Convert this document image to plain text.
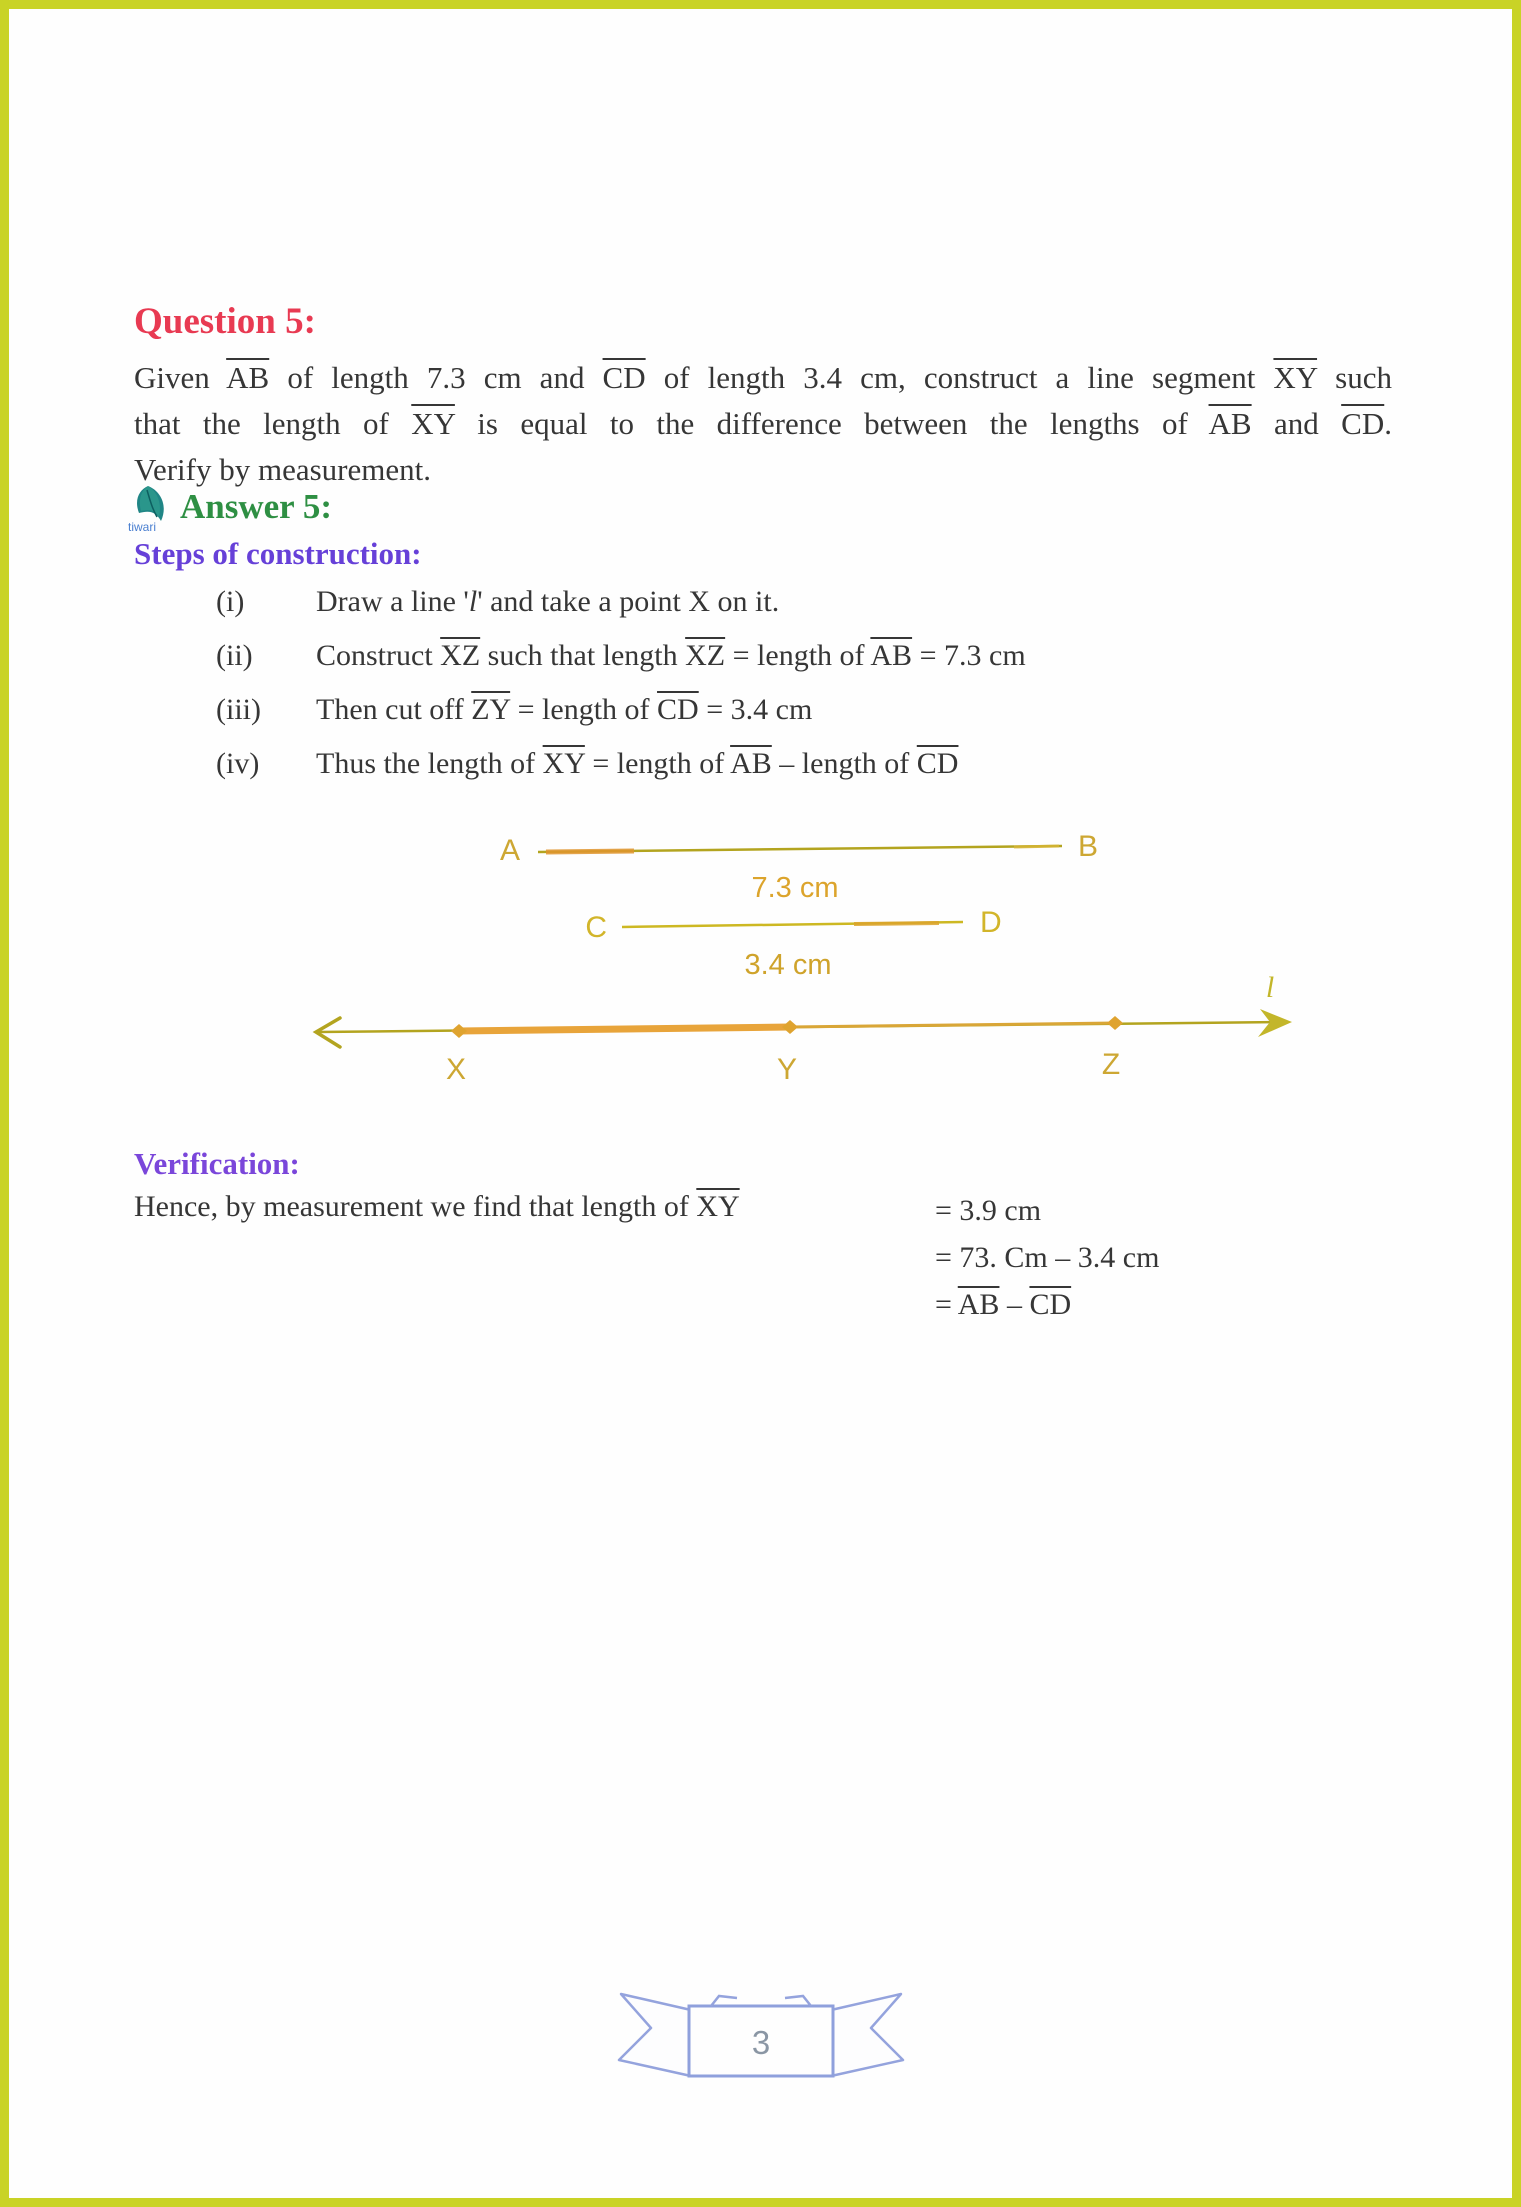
Question 5:
Given $\overline{AB}$ of length 7.3 cm and $\overline{CD}$ of length 3.4 cm, construct a line segment $\overline{XY}$ such
that the length of $\overline{XY}$ is equal to the difference between the lengths of $\overline{AB}$ and $\overline{CD}$.
Verify by measurement.
tiwari
Answer 5:
Steps of construction:
(i)	Draw a line 'l' and take a point X on it.
(ii)	Construct $\overline{XZ}$ such that length $\overline{XZ}$ = length of $\overline{AB} = 7.3$ cm
(iii)	Then cut off $\overline{ZY}$ = length of $\overline{CD} = 3.4$ cm
(iv)	Thus the length of $\overline{XY}$ = length of $\overline{AB}$ – length of $\overline{CD}$
A	B
7.3 cm
C	D
3.4 cm
l
X	Y	Z
Verification:
Hence, by measurement we find that length of $\overline{XY}$	= 3.9 cm
= 73. Cm – 3.4 cm
= $\overline{AB} - \overline{CD}$
3
